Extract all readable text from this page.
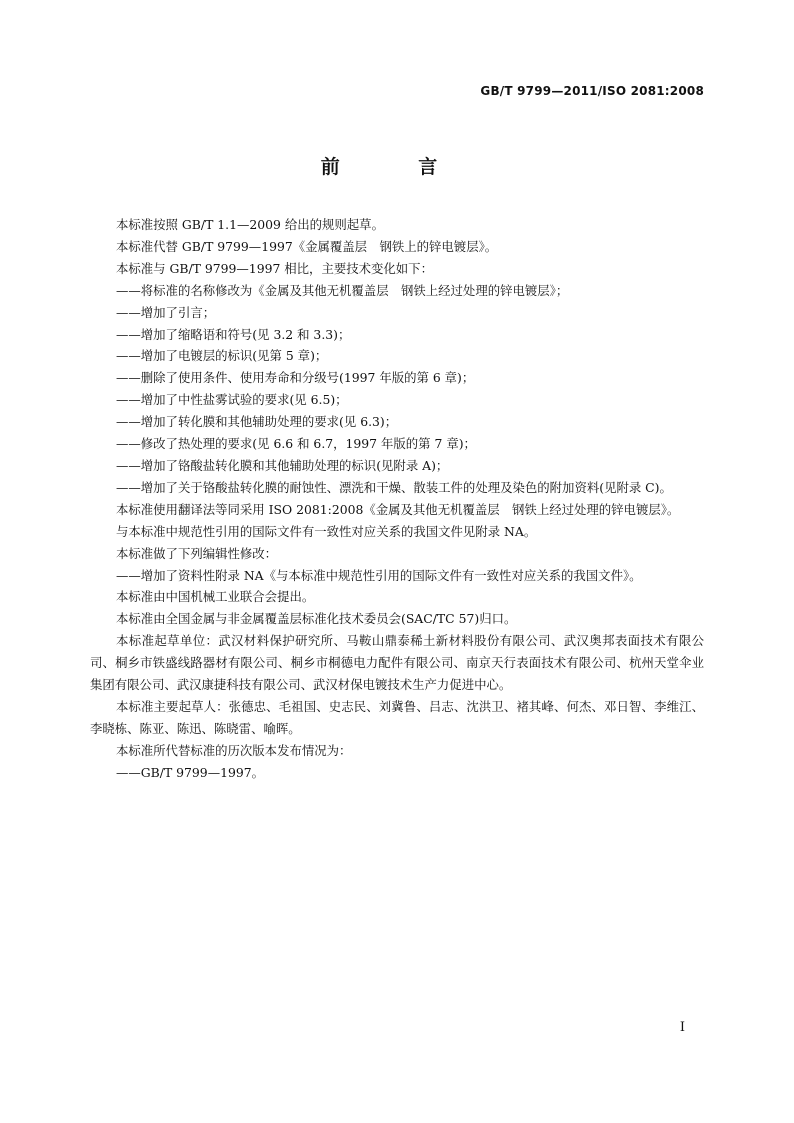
GB/T 9799—2011/ISO 2081:2008
前 言
本标准按照 GB/T 1.1—2009 给出的规则起草。
本标准代替 GB/T 9799—1997《金属覆盖层　钢铁上的锌电镀层》。
本标准与 GB/T 9799—1997 相比，主要技术变化如下：
——将标准的名称修改为《金属及其他无机覆盖层　钢铁上经过处理的锌电镀层》；
——增加了引言；
——增加了缩略语和符号(见 3.2 和 3.3)；
——增加了电镀层的标识(见第 5 章)；
——删除了使用条件、使用寿命和分级号(1997 年版的第 6 章)；
——增加了中性盐雾试验的要求(见 6.5)；
——增加了转化膜和其他辅助处理的要求(见 6.3)；
——修改了热处理的要求(见 6.6 和 6.7，1997 年版的第 7 章)；
——增加了铬酸盐转化膜和其他辅助处理的标识(见附录 A)；
——增加了关于铬酸盐转化膜的耐蚀性、漂洗和干燥、散装工件的处理及染色的附加资料(见附录 C)。
本标准使用翻译法等同采用 ISO 2081:2008《金属及其他无机覆盖层　钢铁上经过处理的锌电镀层》。
与本标准中规范性引用的国际文件有一致性对应关系的我国文件见附录 NA。
本标准做了下列编辑性修改：
——增加了资料性附录 NA《与本标准中规范性引用的国际文件有一致性对应关系的我国文件》。
本标准由中国机械工业联合会提出。
本标准由全国金属与非金属覆盖层标准化技术委员会(SAC/TC 57)归口。
本标准起草单位：武汉材料保护研究所、马鞍山鼎泰稀土新材料股份有限公司、武汉奥邦表面技术有限公司、桐乡市铁盛线路器材有限公司、桐乡市桐德电力配件有限公司、南京天行表面技术有限公司、杭州天堂伞业集团有限公司、武汉康捷科技有限公司、武汉材保电镀技术生产力促进中心。
本标准主要起草人：张德忠、毛祖国、史志民、刘冀鲁、吕志、沈洪卫、褚其峰、何杰、邓日智、李维江、李晓栋、陈亚、陈迅、陈晓雷、喻晖。
本标准所代替标准的历次版本发布情况为：
——GB/T 9799—1997。
I
